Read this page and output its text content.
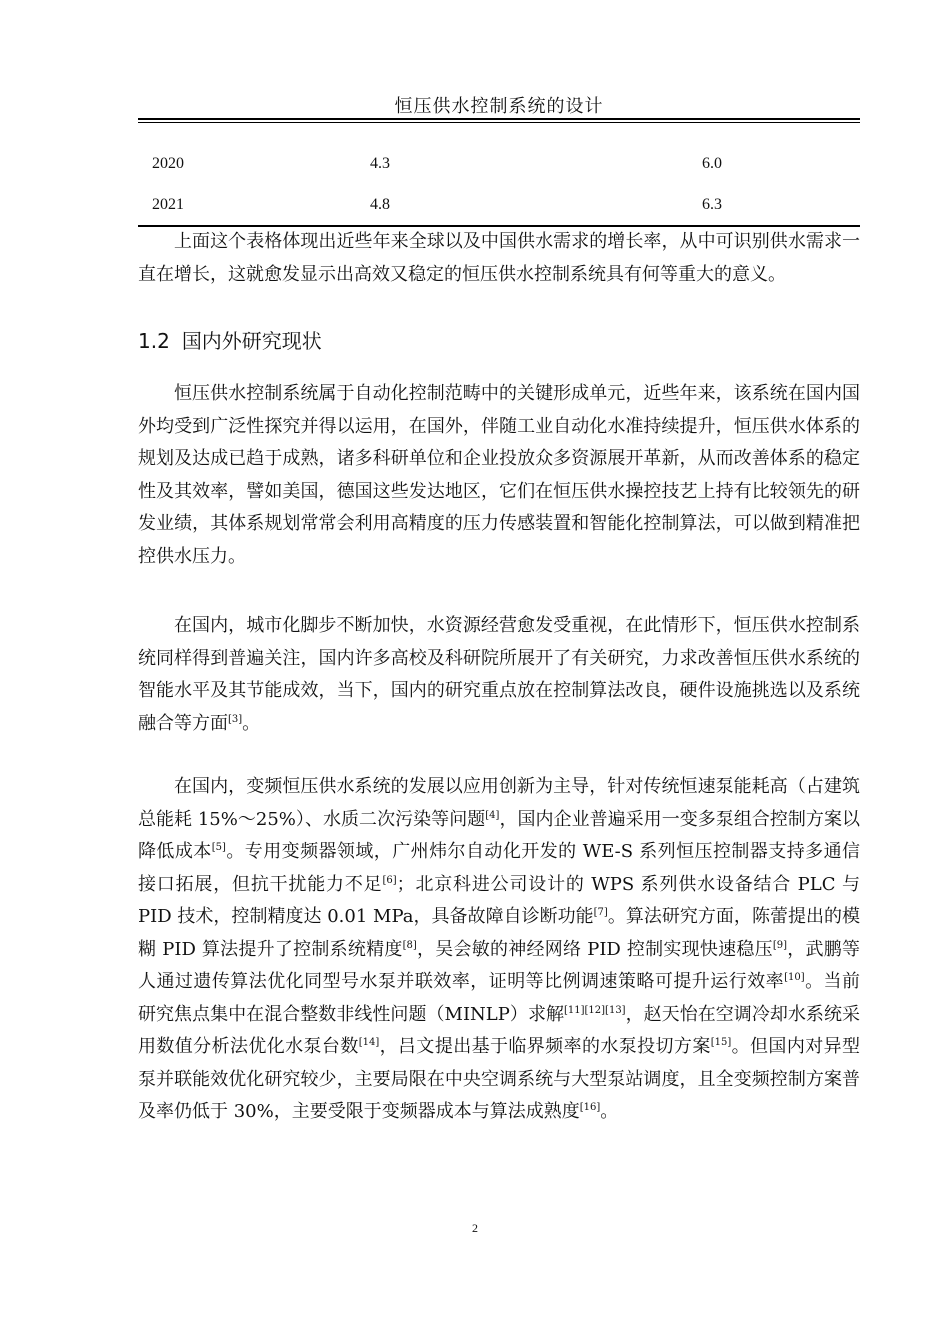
恒压供水控制系统的设计
2020	4.3	6.0
2021	4.8	6.3

上面这个表格体现出近些年来全球以及中国供水需求的增长率，从中可识别供水需求一直在增长，这就愈发显示出高效又稳定的恒压供水控制系统具有何等重大的意义。

1.2 国内外研究现状

恒压供水控制系统属于自动化控制范畴中的关键形成单元，近些年来，该系统在国内国外均受到广泛性探究并得以运用，在国外，伴随工业自动化水准持续提升，恒压供水体系的规划及达成已趋于成熟，诸多科研单位和企业投放众多资源展开革新，从而改善体系的稳定性及其效率，譬如美国，德国这些发达地区，它们在恒压供水操控技艺上持有比较领先的研发业绩，其体系规划常常会利用高精度的压力传感装置和智能化控制算法，可以做到精准把控供水压力。

在国内，城市化脚步不断加快，水资源经营愈发受重视，在此情形下，恒压供水控制系统同样得到普遍关注，国内许多高校及科研院所展开了有关研究，力求改善恒压供水系统的智能水平及其节能成效，当下，国内的研究重点放在控制算法改良，硬件设施挑选以及系统融合等方面[3]。

在国内，变频恒压供水系统的发展以应用创新为主导，针对传统恒速泵能耗高（占建筑总能耗 15%～25%）、水质二次污染等问题[4]，国内企业普遍采用一变多泵组合控制方案以降低成本[5]。专用变频器领域，广州炜尔自动化开发的 WE-S 系列恒压控制器支持多通信接口拓展，但抗干扰能力不足[6]；北京科进公司设计的 WPS 系列供水设备结合 PLC 与 PID 技术，控制精度达 0.01 MPa，具备故障自诊断功能[7]。算法研究方面，陈蕾提出的模糊 PID 算法提升了控制系统精度[8]，吴会敏的神经网络 PID 控制实现快速稳压[9]，武鹏等人通过遗传算法优化同型号水泵并联效率，证明等比例调速策略可提升运行效率[10]。当前研究焦点集中在混合整数非线性问题（MINLP）求解[11][12][13]，赵天怡在空调冷却水系统采用数值分析法优化水泵台数[14]，吕文提出基于临界频率的水泵投切方案[15]。但国内对异型泵并联能效优化研究较少，主要局限在中央空调系统与大型泵站调度，且全变频控制方案普及率仍低于 30%，主要受限于变频器成本与算法成熟度[16]。

2
